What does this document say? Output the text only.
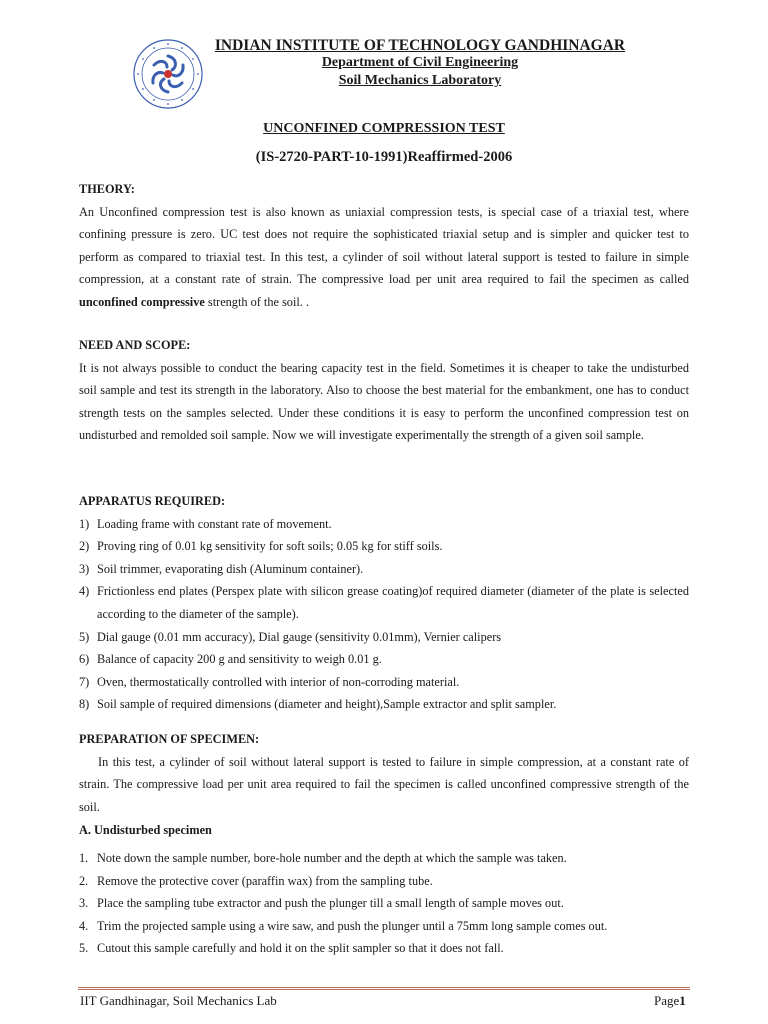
INDIAN INSTITUTE OF TECHNOLOGY GANDHINAGAR
Department of Civil Engineering
Soil Mechanics Laboratory
UNCONFINED COMPRESSION TEST
(IS-2720-PART-10-1991)Reaffirmed-2006
THEORY:

An Unconfined compression test is also known as uniaxial compression tests, is special case of a triaxial test, where confining pressure is zero. UC test does not require the sophisticated triaxial setup and is simpler and quicker test to perform as compared to triaxial test. In this test, a cylinder of soil without lateral support is tested to failure in simple compression, at a constant rate of strain. The compressive load per unit area required to fail the specimen as called unconfined compressive strength of the soil. .

NEED AND SCOPE:

It is not always possible to conduct the bearing capacity test in the field. Sometimes it is cheaper to take the undisturbed soil sample and test its strength in the laboratory. Also to choose the best material for the embankment, one has to conduct strength tests on the samples selected. Under these conditions it is easy to perform the unconfined compression test on undisturbed and remolded soil sample. Now we will investigate experimentally the strength of a given soil sample.

APPARATUS REQUIRED:
1) Loading frame with constant rate of movement.
2) Proving ring of 0.01 kg sensitivity for soft soils; 0.05 kg for stiff soils.
3) Soil trimmer, evaporating dish (Aluminum container).
4) Frictionless end plates (Perspex plate with silicon grease coating)of required diameter (diameter of the plate is selected according to the diameter of the sample).
5) Dial gauge (0.01 mm accuracy), Dial gauge (sensitivity 0.01mm), Vernier calipers
6) Balance of capacity 200 g and sensitivity to weigh 0.01 g.
7) Oven, thermostatically controlled with interior of non-corroding material.
8) Soil sample of required dimensions (diameter and height),Sample extractor and split sampler.
PREPARATION OF SPECIMEN:

In this test, a cylinder of soil without lateral support is tested to failure in simple compression, at a constant rate of strain. The compressive load per unit area required to fail the specimen is called unconfined compressive strength of the soil.

A. Undisturbed specimen
1. Note down the sample number, bore-hole number and the depth at which the sample was taken.
2. Remove the protective cover (paraffin wax) from the sampling tube.
3. Place the sampling tube extractor and push the plunger till a small length of sample moves out.
4. Trim the projected sample using a wire saw, and push the plunger until a 75mm long sample comes out.
5. Cutout this sample carefully and hold it on the split sampler so that it does not fall.
IIT Gandhinagar, Soil Mechanics Lab	Page1
